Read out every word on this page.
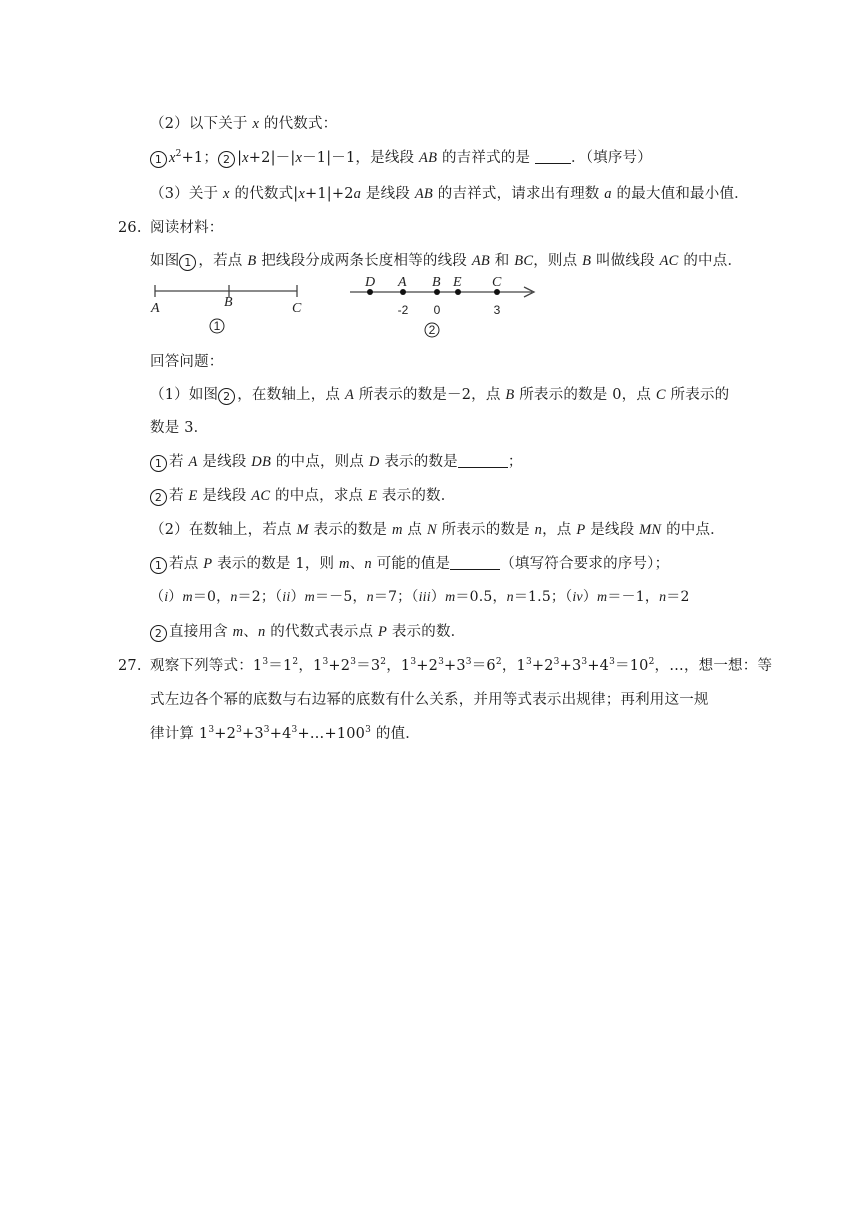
（2）以下关于 x 的代数式：
1 $x^2+1$； 2 |x+2|－|x－1|－1，是线段 AB 的吉祥式的是 ．（填序号）
（3）关于 x 的代数式|x+1|+2a 是线段 AB 的吉祥式，请求出有理数 a 的最大值和最小值．
26. 阅读材料：
如图 1 ，若点 B 把线段分成两条长度相等的线段 AB 和 BC，则点 B 叫做线段 AC 的中点．
A	B	C
1
D A B E C
-2 0	3
2
回答问题：
（1）如图 2 ，在数轴上，点 A 所表示的数是－2，点 B 所表示的数是 0，点 C 所表示的
数是 3．
1 若 A 是线段 DB 的中点，则点 D 表示的数是	；
2 若 E 是线段 AC 的中点，求点 E 表示的数．
（2）在数轴上，若点 M 表示的数是 m 点 N 所表示的数是 n，点 P 是线段 MN 的中点．
1 若点 P 表示的数是 1，则 m、n 可能的值是	（填写符合要求的序号）；
（i）m＝0，n＝2；（ii）m＝－5，n＝7；（iii）m＝0.5，n＝1.5；（iv）m＝－1，n＝2
2 直接用含 m、n 的代数式表示点 P 表示的数．
27. 观察下列等式：$1^3=1^2$，$1^3+2^3=3^2$，$1^3+2^3+3^3=6^2$，$1^3+2^3+3^3+4^3=10^2$，…，想一想：等
式左边各个幂的底数与右边幂的底数有什么关系，并用等式表示出规律；再利用这一规
律计算 $1^3+2^3+3^3+4^3+\dots+100^3$ 的值．
